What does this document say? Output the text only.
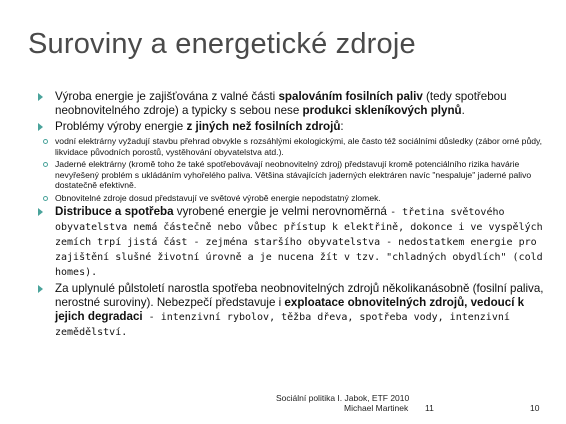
Suroviny a energetické zdroje
Výroba energie je zajišťována z valné části spalováním fosilních paliv (tedy spotřebou neobnovitelného zdroje) a typicky s sebou nese produkci skleníkových plynů.
Problémy výroby energie z jiných než fosilních zdrojů:
vodní elektrárny vyžadují stavbu přehrad obvykle s rozsáhlými ekologickými, ale často též sociálními důsledky (zábor orné půdy, likvidace původních porostů, vystěhování obyvatelstva atd.).
Jaderné elektrárny (kromě toho že také spotřebovávají neobnovitelný zdroj) představují kromě potenciálního rizika havárie nevyřešený problém s ukládáním vyhořelého paliva. Většina stávajících jaderných elektráren navíc "nespaluje" jaderné palivo dostatečně efektivně.
Obnovitelné zdroje dosud představují ve světové výrobě energie nepodstatný zlomek.
Distribuce a spotřeba vyrobené energie je velmi nerovnoměrná - třetina světového obyvatelstva nemá částečně nebo vůbec přístup k elektřině, dokonce i ve vyspělých zemích trpí jistá část - zejména staršího obyvatelstva - nedostatkem energie pro zajištění slušné životní úrovně a je nucena žít v tzv. "chladných obydlích" (cold homes).
Za uplynulé půlstoletí narostla spotřeba neobnovitelných zdrojů několikanásobně (fosilní paliva, nerostné suroviny). Nebezpečí představuje i exploatace obnovitelných zdrojů, vedoucí k jejich degradaci - intenzivní rybolov, těžba dřeva, spotřeba vody, intenzivní zemědělství.
Sociální politika I. Jabok, ETF 2010
Michael Martinek 11	10
